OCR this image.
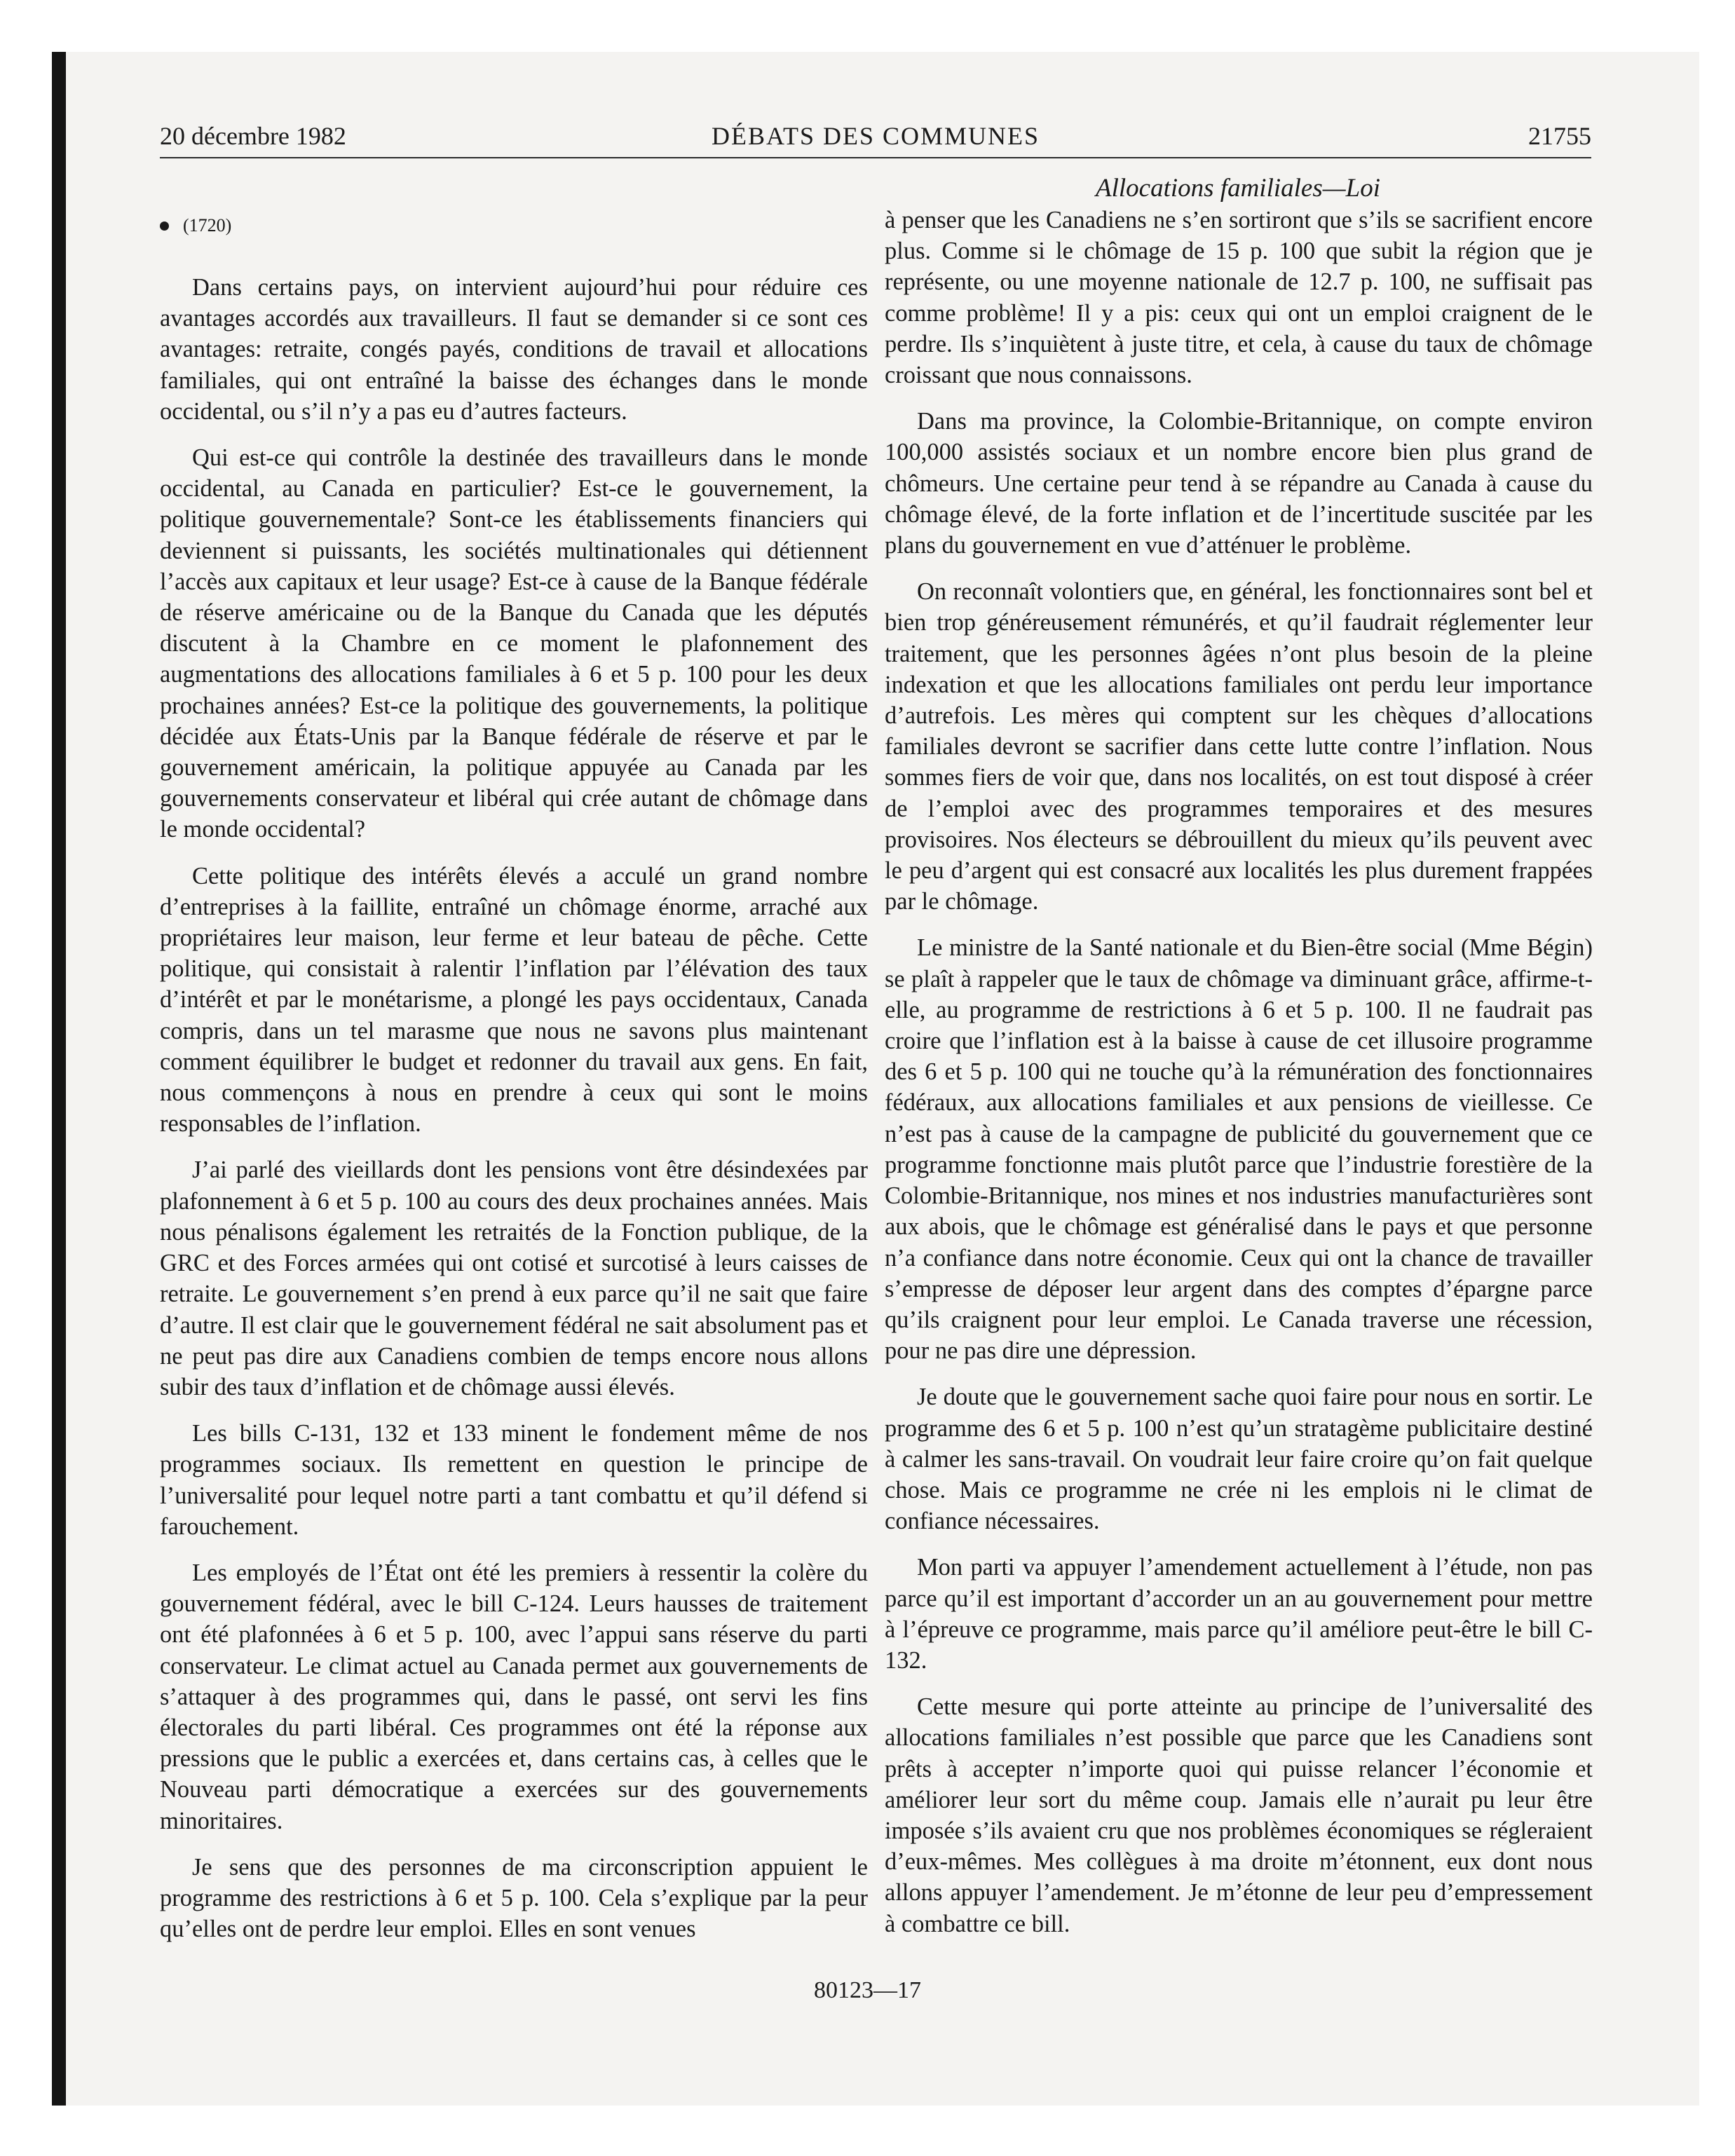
20 décembre 1982	DÉBATS DES COMMUNES	21755
Allocations familiales—Loi
(1720)

Dans certains pays, on intervient aujourd’hui pour réduire ces avantages accordés aux travailleurs. Il faut se demander si ce sont ces avantages: retraite, congés payés, conditions de travail et allocations familiales, qui ont entraîné la baisse des échanges dans le monde occidental, ou s’il n’y a pas eu d’autres facteurs.

Qui est-ce qui contrôle la destinée des travailleurs dans le monde occidental, au Canada en particulier? Est-ce le gouvernement, la politique gouvernementale? Sont-ce les établissements financiers qui deviennent si puissants, les sociétés multinationales qui détiennent l’accès aux capitaux et leur usage? Est-ce à cause de la Banque fédérale de réserve américaine ou de la Banque du Canada que les députés discutent à la Chambre en ce moment le plafonnement des augmentations des allocations familiales à 6 et 5 p. 100 pour les deux prochaines années? Est-ce la politique des gouvernements, la politique décidée aux États-Unis par la Banque fédérale de réserve et par le gouvernement américain, la politique appuyée au Canada par les gouvernements conservateur et libéral qui crée autant de chômage dans le monde occidental?

Cette politique des intérêts élevés a acculé un grand nombre d’entreprises à la faillite, entraîné un chômage énorme, arraché aux propriétaires leur maison, leur ferme et leur bateau de pêche. Cette politique, qui consistait à ralentir l’inflation par l’élévation des taux d’intérêt et par le monétarisme, a plongé les pays occidentaux, Canada compris, dans un tel marasme que nous ne savons plus maintenant comment équilibrer le budget et redonner du travail aux gens. En fait, nous commençons à nous en prendre à ceux qui sont le moins responsables de l’inflation.

J’ai parlé des vieillards dont les pensions vont être désindexées par plafonnement à 6 et 5 p. 100 au cours des deux prochaines années. Mais nous pénalisons également les retraités de la Fonction publique, de la GRC et des Forces armées qui ont cotisé et surcotisé à leurs caisses de retraite. Le gouvernement s’en prend à eux parce qu’il ne sait que faire d’autre. Il est clair que le gouvernement fédéral ne sait absolument pas et ne peut pas dire aux Canadiens combien de temps encore nous allons subir des taux d’inflation et de chômage aussi élevés.

Les bills C-131, 132 et 133 minent le fondement même de nos programmes sociaux. Ils remettent en question le principe de l’universalité pour lequel notre parti a tant combattu et qu’il défend si farouchement.

Les employés de l’État ont été les premiers à ressentir la colère du gouvernement fédéral, avec le bill C-124. Leurs hausses de traitement ont été plafonnées à 6 et 5 p. 100, avec l’appui sans réserve du parti conservateur. Le climat actuel au Canada permet aux gouvernements de s’attaquer à des programmes qui, dans le passé, ont servi les fins électorales du parti libéral. Ces programmes ont été la réponse aux pressions que le public a exercées et, dans certains cas, à celles que le Nouveau parti démocratique a exercées sur des gouvernements minoritaires.

Je sens que des personnes de ma circonscription appuient le programme des restrictions à 6 et 5 p. 100. Cela s’explique par la peur qu’elles ont de perdre leur emploi. Elles en sont venues

à penser que les Canadiens ne s’en sortiront que s’ils se sacrifient encore plus. Comme si le chômage de 15 p. 100 que subit la région que je représente, ou une moyenne nationale de 12.7 p. 100, ne suffisait pas comme problème! Il y a pis: ceux qui ont un emploi craignent de le perdre. Ils s’inquiètent à juste titre, et cela, à cause du taux de chômage croissant que nous connaissons.

Dans ma province, la Colombie-Britannique, on compte environ 100,000 assistés sociaux et un nombre encore bien plus grand de chômeurs. Une certaine peur tend à se répandre au Canada à cause du chômage élevé, de la forte inflation et de l’incertitude suscitée par les plans du gouvernement en vue d’atténuer le problème.

On reconnaît volontiers que, en général, les fonctionnaires sont bel et bien trop généreusement rémunérés, et qu’il faudrait réglementer leur traitement, que les personnes âgées n’ont plus besoin de la pleine indexation et que les allocations familiales ont perdu leur importance d’autrefois. Les mères qui comptent sur les chèques d’allocations familiales devront se sacrifier dans cette lutte contre l’inflation. Nous sommes fiers de voir que, dans nos localités, on est tout disposé à créer de l’emploi avec des programmes temporaires et des mesures provisoires. Nos électeurs se débrouillent du mieux qu’ils peuvent avec le peu d’argent qui est consacré aux localités les plus durement frappées par le chômage.

Le ministre de la Santé nationale et du Bien-être social (Mme Bégin) se plaît à rappeler que le taux de chômage va diminuant grâce, affirme-t-elle, au programme de restrictions à 6 et 5 p. 100. Il ne faudrait pas croire que l’inflation est à la baisse à cause de cet illusoire programme des 6 et 5 p. 100 qui ne touche qu’à la rémunération des fonctionnaires fédéraux, aux allocations familiales et aux pensions de vieillesse. Ce n’est pas à cause de la campagne de publicité du gouvernement que ce programme fonctionne mais plutôt parce que l’industrie forestière de la Colombie-Britannique, nos mines et nos industries manufacturières sont aux abois, que le chômage est généralisé dans le pays et que personne n’a confiance dans notre économie. Ceux qui ont la chance de travailler s’empresse de déposer leur argent dans des comptes d’épargne parce qu’ils craignent pour leur emploi. Le Canada traverse une récession, pour ne pas dire une dépression.

Je doute que le gouvernement sache quoi faire pour nous en sortir. Le programme des 6 et 5 p. 100 n’est qu’un stratagème publicitaire destiné à calmer les sans-travail. On voudrait leur faire croire qu’on fait quelque chose. Mais ce programme ne crée ni les emplois ni le climat de confiance nécessaires.

Mon parti va appuyer l’amendement actuellement à l’étude, non pas parce qu’il est important d’accorder un an au gouvernement pour mettre à l’épreuve ce programme, mais parce qu’il améliore peut-être le bill C-132.

Cette mesure qui porte atteinte au principe de l’universalité des allocations familiales n’est possible que parce que les Canadiens sont prêts à accepter n’importe quoi qui puisse relancer l’économie et améliorer leur sort du même coup. Jamais elle n’aurait pu leur être imposée s’ils avaient cru que nos problèmes économiques se régleraient d’eux-mêmes. Mes collègues à ma droite m’étonnent, eux dont nous allons appuyer l’amendement. Je m’étonne de leur peu d’empressement à combattre ce bill.

80123—17
